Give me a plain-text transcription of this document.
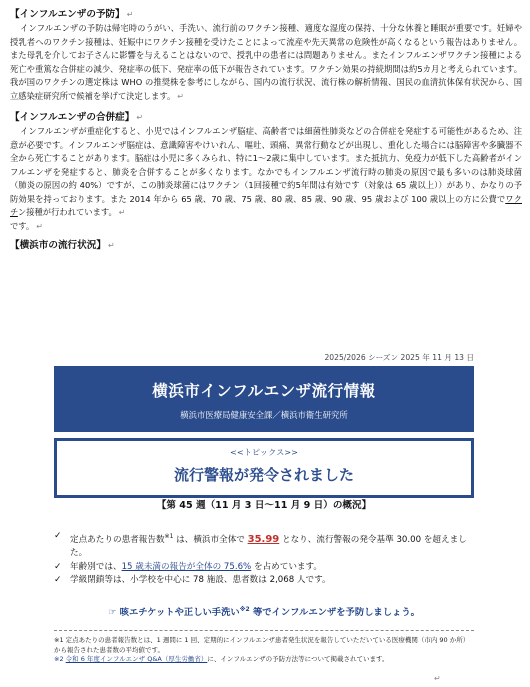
【インフルエンザの予防】 ↵

インフルエンザの予防は帰宅時のうがい、手洗い、流行前のワクチン接種、適度な湿度の保持、十分な休養と睡眠が重要です。妊婦や授乳者へのワクチン接種は、妊娠中にワクチン接種を受けたことによって流産や先天異常の危険性が高くなるという報告はありません。また母乳を介してお子さんに影響を与えることはないので、授乳中の患者には問題ありません。またインフルエンザワクチン接種による死亡や重篤な合併症の減少、発症率の低下、発症率の低下が報告されています。ワクチン効果の持続期間は約5カ月と考えられています。我が国のワクチンの選定株は WHO の推奨株を参考にしながら、国内の流行状況、流行株の解析情報、国民の血清抗体保有状況から、国立感染症研究所で候補を挙げて決定します。 ↵

【インフルエンザの合併症】 ↵

インフルエンザが重症化すると、小児ではインフルエンザ脳症、高齢者では細菌性肺炎などの合併症を発症する可能性があるため、注意が必要です。インフルエンザ脳症は、意識障害やけいれん、嘔吐、頭痛、異常行動などが出現し、重化した場合には脳障害や多臓器不全から死亡することがあります。脳症は小児に多くみられ、特に1〜2歳に集中しています。また抵抗力、免疫力が低下した高齢者がインフルエンザを発症すると、肺炎を合併することが多くなります。なかでもインフルエンザ流行時の肺炎の原因で最も多いのは肺炎球菌（肺炎の原因の約 40%）ですが、この肺炎球菌にはワクチン（1回接種で約5年間は有効です（対象は 65 歳以上））があり、かなりの予防効果を持っております。また 2014 年から 65 歳、70 歳、75 歳、80 歳、85 歳、90 歳、95 歳および 100 歳以上の方に公費でワクチン接種が行われています。 ↵

です。 ↵

【横浜市の流行状況】 ↵

2025/2026 シーズン 2025 年 11 月 13 日
横浜市インフルエンザ流行情報
横浜市医療局健康安全課／横浜市衛生研究所
<<トピックス>>
流行警報が発令されました
【第 45 週（11 月 3 日～11 月 9 日）の概況】
✓ 定点あたりの患者報告数$^{※1}$ は、横浜市全体で 35.99 となり、流行警報の発令基準 30.00 を超えました。
✓ 年齢別では、15 歳未満の報告が全体の 75.6% を占めています。
✓ 学級閉鎖等は、小学校を中心に 78 施設、患者数は 2,068 人です。
☞ 咳エチケットや正しい手洗い$^{※2}$ 等でインフルエンザを予防しましょう。
※1 定点あたりの患者報告数とは、1 週間に 1 回、定期的にインフルエンザ患者発生状況を報告していただいている医療機関（市内 90 か所）から報告された患者数の平均値です。
※2 令和 6 年度インフルエンザ Q&A（厚生労働省）に、インフルエンザの予防方法等について掲載されています。
↵
